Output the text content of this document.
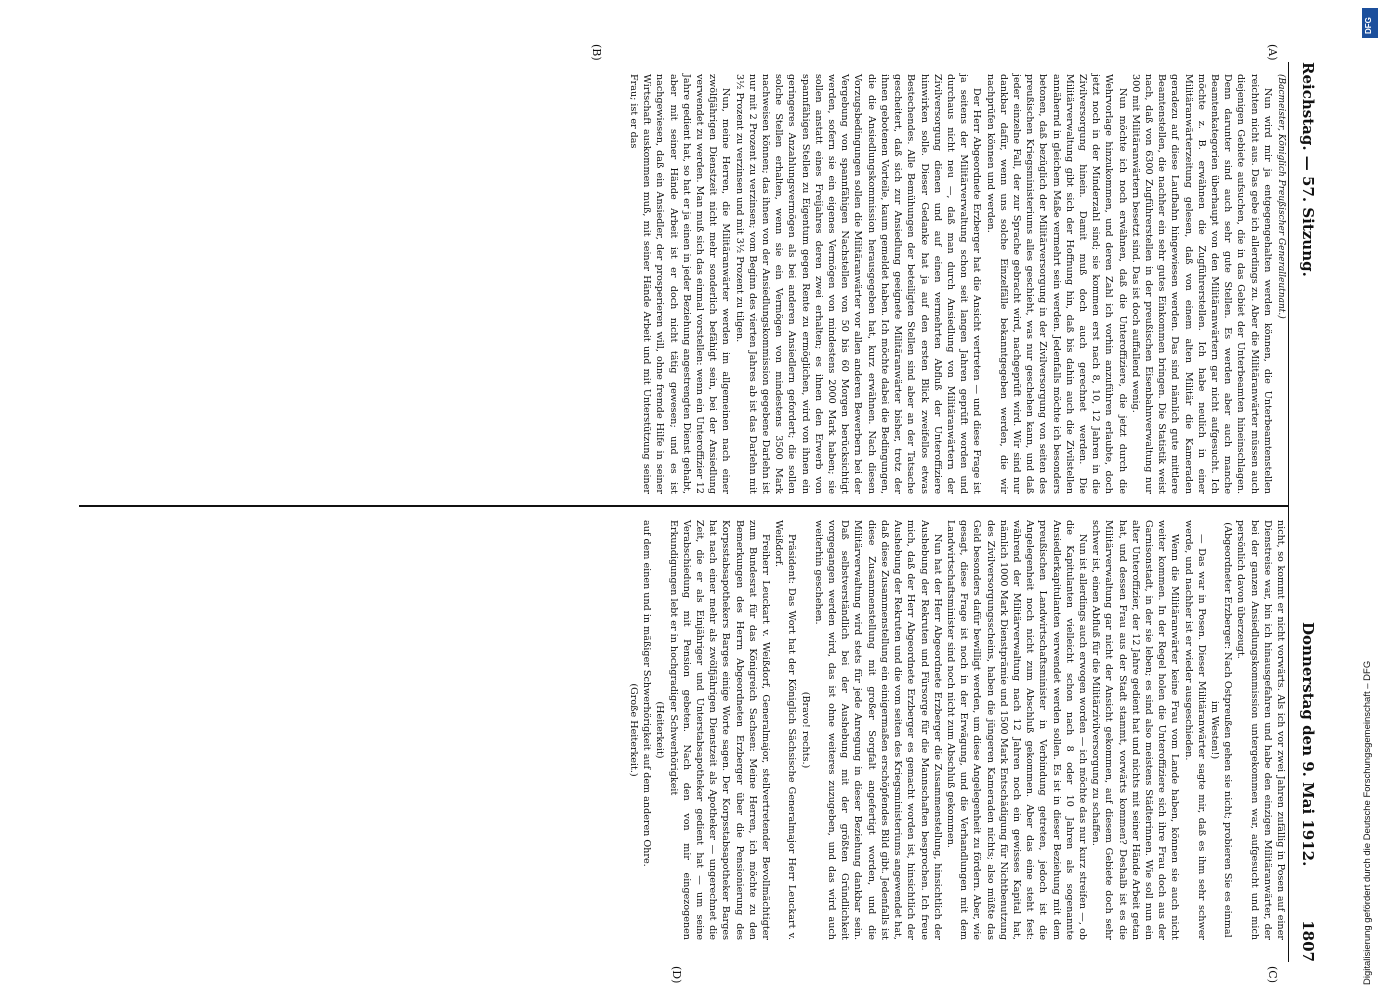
Reichstag. — 57. Sitzung.
Donnerstag den 9. Mai 1912.
1807
(A)
(B)
(C)
(D)

(Bacmeister, Königlich Preußischer Generalleutnant.)

Nun wird mir ja entgegengehalten werden können, die Unterbeamtenstellen reichten nicht aus. Das gebe ich allerdings zu. Aber die Militäranwärter müssen auch diejenigen Gebiete aufsuchen, die in das Gebiet der Unterbeamten hineinschlagen. Denn darunter sind auch sehr gute Stellen. Es werden aber auch manche Beamtenkategorien überhaupt von den Militäranwärtern gar nicht aufgesucht. Ich möchte z. B. erwähnen die Zugführerstellen. Ich habe neulich in einer Militäranwärterzeitung gelesen, daß von einem alten Militär die Kameraden geradezu auf diese Laufbahn hingewiesen werden. Das sind nämlich gute mittlere Beamtenstellen, die nachher ein sehr gutes Einkommen bringen. Die Statistik weist nach, daß von 6300 Zugführerstellen in der preußischen Eisenbahnverwaltung nur 300 mit Militäranwärtern besetzt sind. Das ist doch auffallend wenig.

Nun möchte ich noch erwähnen, daß die Unteroffiziere, die jetzt durch die Wehrvorlage hinzukommen, und deren Zahl ich vorhin anzuführen erlaubte, doch jetzt noch in der Minderzahl sind; sie kommen erst nach 8, 10, 12 Jahren in die Zivilversorgung hinein. Damit muß doch auch gerechnet werden. Die Militärverwaltung gibt sich der Hoffnung hin, daß bis dahin auch die Zivilstellen annähernd in gleichem Maße vermehrt sein werden. Jedenfalls möchte ich besonders betonen, daß bezüglich der Militärversorgung in der Zivilversorgung von seiten des preußischen Kriegsministeriums alles geschieht, was nur geschehen kann, und daß jeder einzelne Fall, der zur Sprache gebracht wird, nachgeprüft wird. Wir sind nur dankbar dafür, wenn uns solche Einzelfälle bekanntgegeben werden, die wir nachprüfen können und werden.

Der Herr Abgeordnete Erzberger hat die Ansicht vertreten — und diese Frage ist ja seitens der Militärverwaltung schon seit langen Jahren geprüft worden und durchaus nicht neu —, daß man durch Ansiedlung von Militäranwärtern der Zivilversorgung dienen und auf einen vermehrten Abfluß der Unteroffiziere hinwirken solle. Dieser Gedanke hat ja auf den ersten Blick zweifellos etwas Bestechendes. Alle Bemühungen der beteiligten Stellen sind aber an der Tatsache gescheitert, daß sich zur Ansiedlung geeignete Militäranwärter bisher, trotz der ihnen gebotenen Vorteile, kaum gemeldet haben. Ich möchte dabei die Bedingungen, die die Ansiedlungskommission herausgegeben hat, kurz erwähnen. Nach diesen Vorzugsbedingungen sollen die Militäranwärter vor allen anderen Bewerbern bei der Vergebung von spannfähigen Nachstellen von 50 bis 60 Morgen berücksichtigt werden, sofern sie ein eigenes Vermögen von mindestens 2000 Mark haben; sie sollen anstatt eines Freijahres deren zwei erhalten; es ihnen den Erwerb von spannfähigen Stellen zu Eigentum gegen Rente zu ermöglichen, wird von ihnen ein geringeres Anzahlungsvermögen als bei anderen Ansiedlern gefordert; die sollen solche Stellen erhalten, wenn sie ein Vermögen von mindestens 3500 Mark nachweisen können; das ihnen von der Ansiedlungskommission gegebene Darlehn ist nur mit 2 Prozent zu verzinsen; vom Beginn des vierten Jahres ab ist das Darlehn mit 3½ Prozent zu verzinsen und mit 3½ Prozent zu tilgen.

Nun, meine Herren, die Militäranwärter werden im allgemeinen nach einer zwölfjährigen Dienstzeit nicht mehr sonderlich befähigt sein, bei der Ansiedlung verwendet zu werden. Man muß sich das einmal vorstellen: wenn ein Unteroffizier 12 Jahre gedient hat, so hat er ja einen in jeder Beziehung angestrengten Dienst gehabt, aber mit seiner Hände Arbeit ist er doch nicht tätig gewesen; und es ist nachgewiesen, daß ein Ansiedler, der prosperieren will, ohne fremde Hilfe in seiner Wirtschaft auskommen muß, mit seiner Hände Arbeit und mit Unterstützung seiner Frau; ist er das

nicht, so kommt er nicht vorwärts. Als ich vor zwei Jahren zufällig in Posen auf einer Dienstreise war, bin ich hinausgefahren und habe den einzigen Militäranwärter, der bei der ganzen Ansiedlungskommission untergekommen war, aufgesucht und mich persönlich davon überzeugt.

(Abgeordneter Erzberger: Nach Ostpreußen gehen sie nicht; probieren Sie es einmal im Westen!)

— Das war in Posen. Dieser Militäranwärter sagte mir, daß es ihm sehr schwer werde, und nachher ist er wieder ausgeschieden.

Wenn die Militäranwärter keine Frau vom Lande haben, können sie auch nicht weiter kommen. In der Regel holen die Unteroffiziere sich ihre Frau doch aus der Garnisonstadt, in der sie leben; es sind also meistens Städterinnen. Wie soll nun ein alter Unteroffizier, der 12 Jahre gedient hat und nichts mit seiner Hände Arbeit getan hat, und dessen Frau aus der Stadt stammt, vorwärts kommen? Deshalb ist es die Militärverwaltung gar nicht der Ansicht gekommen, auf diesem Gebiete doch sehr schwer ist, einen Abfluß für die Militärzivilversorgung zu schaffen.

Nun ist allerdings auch erwogen worden — ich möchte das nur kurz streifen —, ob die Kapitulanten vielleicht schon nach 8 oder 10 Jahren als sogenannte Ansiedlerkapitulanten verwendet werden sollen. Es ist in dieser Beziehung mit dem preußischen Landwirtschaftsminister in Verbindung getreten, jedoch ist die Angelegenheit noch nicht zum Abschluß gekommen. Aber das eine steht fest: während der Militärverwaltung nach 12 Jahren noch ein gewisses Kapital hat, nämlich 1000 Mark Dienstprämie und 1500 Mark Entschädigung für Nichtbenutzung des Zivilversorgungsscheins, haben die jüngeren Kameraden nichts; also müßte das Geld besonders dafür bewilligt werden, um diese Angelegenheit zu fördern. Aber, wie gesagt, diese Frage ist noch in der Erwägung, und die Verhandlungen mit dem Landwirtschaftsminister sind noch nicht zum Abschluß gekommen.

Nun hat der Herr Abgeordnete Erzberger die Zusammenstellung, hinsichtlich der Aushebung der Rekruten und Fürsorge für die Mannschaften besprochen. Ich freue mich, daß der Herr Abgeordnete Erzberger es gemacht worden ist, hinsichtlich der Aushebung der Rekruten und die vom seiten des Kriegsministeriums angewendet hat, daß diese Zusammenstellung ein einigermaßen erschöpfendes Bild gibt. Jedenfalls ist diese Zusammenstellung mit großer Sorgfalt angefertigt worden, und die Militärverwaltung wird stets für jede Anregung in dieser Beziehung dankbar sein. Daß selbstverständlich bei der Aushebung mit der größten Gründlichkeit vorgegangen werden wird, das ist ohne weiteres zuzugeben, und das wird auch weiterhin geschehen.

(Bravo! rechts.)

Präsident: Das Wort hat der Königlich Sächsische Generalmajor Herr Leuckart v. Weißdorf.

Freiherr Leuckart v. Weißdorf, Generalmajor, stellvertretender Bevollmächtigter zum Bundesrat für das Königreich Sachsen: Meine Herren, ich möchte zu den Bemerkungen des Herrn Abgeordneten Erzberger über die Pensionierung des Korpsstabsapothekers Barges einige Worte sagen. Der Korpsstabsapotheker Barges hat nach einer mehr als zwölfjährigen Dienstzeit als Apotheker — ungerechnet die Zeit, die er als Einjähriger und Unterstabsapotheker gedient hat — um seine Verabschiedung mit Pension gebeten. Nach den von mir eingezogenen Erkundigungen lebt er in hochgradiger Schwerhörigkeit

(Heiterkeit)

auf dem einen und in mäßiger Schwerhörigkeit auf dem anderen Ohre.

(Große Heiterkeit.)

DFG
Digitalisierung gefördert durch die Deutsche Forschungsgemeinschaft – DFG
